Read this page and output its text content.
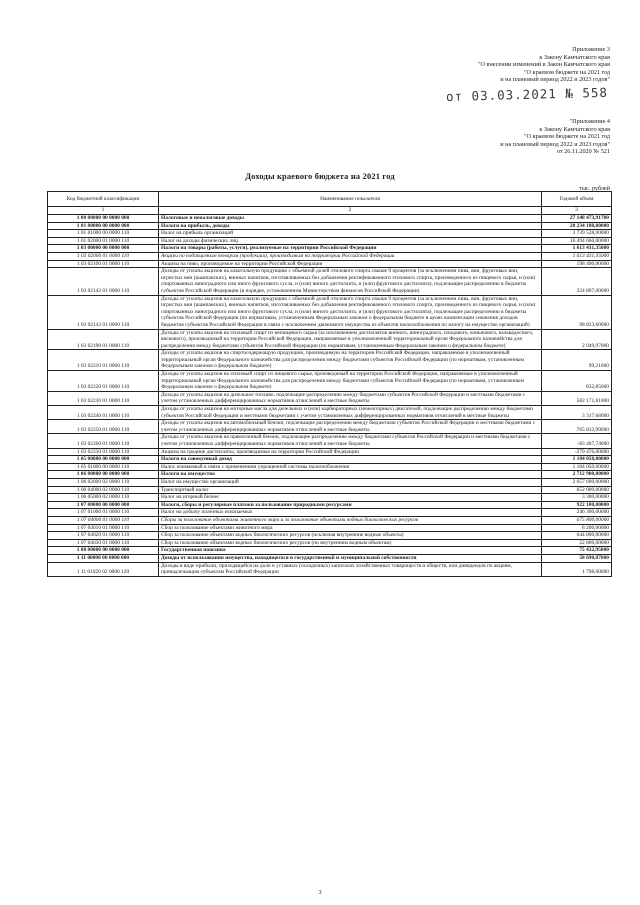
Приложение 3
к Закону Камчатского края
"О внесении изменений в Закон Камчатского края
"О краевом бюджете на 2021 год
и на плановый период 2022 и 2023 годов"
от 03.03.2021 № 558
"Приложение 4
к Закону Камчатского края
"О краевом бюджете на 2021 год
и на плановый период 2022 и 2023 годов"
от 26.11.2020 № 521
Доходы краевого бюджета на 2021 год
тыс. рублей
Код бюджетной классификации	Наименование показателя	Годовой объем
1	2	3
1 00 00000 00 0000 000	Налоговые и неналоговые доходы	27 148 473,91700
1 01 00000 00 0000 000	Налоги на прибыль, доходы	20 234 188,00000
1 01 01000 00 0000 110	Налог на прибыль организаций	3 739 528,00000
1 01 02000 01 0000 110	Налог на доходы физических лиц	16 494 660,00000
1 03 00000 00 0000 000	Налоги на товары (работы, услуги), реализуемые на территории Российской Федерации	1 613 431,35000
1 03 02000 01 0000 110	Акцизы по подакцизным товарам (продукции), производимым на территории Российской Федерации	1 613 431,35000
1 03 02100 01 0000 110	Акцизы на пиво, производимое на территории Российской Федерации	198 400,00000
1 03 02142 01 0000 110	Доходы от уплаты акцизов на алкогольную продукцию с объемной долей этилового спирта свыше 9 процентов (за исключением пива, вин, фруктовых вин, игристых вин (шампанских), винных напитков, изготавливаемых без добавления ректификованного этилового спирта, произведенного из пищевого сырья, и (или) спиртованных виноградного или иного фруктового сусла, и (или) виного дистиллята, и (или) фруктового дистиллята), подлежащие распределению в бюджеты субъектов Российской Федерации (в порядке, установленном Министерством финансов Российской Федерации)	324 807,00000
1 03 02143 01 0000 110	Доходы от уплаты акцизов на алкогольную продукцию с объемной долей этилового спирта свыше 9 процентов (за исключением пива, вин, фруктовых вин, игристых вин (шампанских), винных напитков, изготавливаемых без добавления ректификованного этилового спирта, произведенного из пищевого сырья, и (или) спиртованных виноградного или иного фруктового сусла, и (или) виного дистиллята, и (или) фруктового дистиллята), подлежащие распределению в бюджеты субъектов Российской Федерации (по нормативам, установленным Федеральным законом о федеральном бюджете в целях компенсации снижения доходов бюджетов субъектов Российской Федерации в связи с исключением движимого имущества из объектов налогообложения по налогу на имущество организаций)	98 823,60000
1 03 02190 01 0000 110	Доходы от уплаты акцизов на этиловый спирт из непищевого сырья (за исключением дистиллятов винного, виноградного, плодового, коньячного, кальвадосного, вискового), производимый на территории Российской Федерации, направляемые в уполномоченный территориальный орган Федерального казначейства для распределения между бюджетами субъектов Российской Федерации (по нормативам, установленным Федеральным законом о федеральном бюджете)	2 049,97000
1 03 02210 01 0000 110	Доходы от уплаты акцизов на спиртосодержащую продукцию, производимую на территории Российской Федерации, направляемые в уполномоченный территориальный орган Федерального казначейства для распределения между бюджетами субъектов Российской Федерации (по нормативам, установленным Федеральным законом о федеральном бюджете)	99,21000
1 03 02220 01 0000 110	Доходы от уплаты акцизов на этиловый спирт из пищевого сырья, производимый на территории Российской Федерации, направляемые в уполномоченный территориальный орган Федерального казначейства для распределения между бюджетами субъектов Российской Федерации (по нормативам, установленным Федеральным законом о федеральном бюджете)	832,85000
1 03 02230 01 0000 110	Доходы от уплаты акцизов на дизельное топливо, подлежащие распределению между бюджетами субъектов Российской Федерации и местными бюджетами с учетом установленных дифференцированных нормативов отчислений в местные бюджеты	582 171,81000
1 03 02240 01 0000 110	Доходы от уплаты акцизов на моторные масла для дизельных и (или) карбюраторных (инжекторных) двигателей, подлежащие распределению между бюджетами субъектов Российской Федерации и местными бюджетами с учетом установленных дифференцированных нормативов отчислений в местные бюджеты	3 317,68000
1 03 02250 01 0000 110	Доходы от уплаты акцизов на автомобильный бензин, подлежащие распределению между бюджетами субъектов Российской Федерации и местными бюджетами с учетом установленных дифференцированных нормативов отчислений в местные бюджеты	765 812,99000
1 03 02260 01 0000 110	Доходы от уплаты акцизов на прямогонный бензин, подлежащие распределению между бюджетами субъектов Российской Федерации и местными бюджетами с учетом установленных дифференцированных нормативов отчислений в местные бюджеты	-83 407,74000
1 03 02330 01 0000 110	Акцизы на средние дистилляты, производимые на территории Российской Федерации	-279 476,00000
1 05 00000 00 0000 000	Налоги на совокупный доход	1 184 050,00000
1 05 01000 00 0000 110	Налог, взимаемый в связи с применением упрощенной системы налогообложения	1 184 050,00000
1 06 00000 00 0000 000	Налоги на имущество	2 712 900,00000
1 06 02000 02 0000 110	Налог на имущество организаций	2 057 600,00000
1 06 04000 02 0000 110	Транспортный налог	652 000,00000
1 06 05000 02 0000 110	Налог на игорный бизнес	3 300,00000
1 07 00000 00 0000 000	Налоги, сборы и регулярные платежи за пользование природными ресурсами	922 100,00000
1 07 01000 01 0000 110	Налог на добычу полезных ископаемых	246 300,00000
1 07 04000 01 0000 110	Сборы за пользование объектами животного мира и за пользование объектами водных биологических ресурсов	675 800,00000
1 07 04010 01 0000 110	Сбор за пользование объектами животного мира	8 200,00000
1 07 04020 01 0000 110	Сбор за пользование объектами водных биологических ресурсов (исключая внутренние водные объекты)	644 800,00000
1 07 04030 01 0000 110	Сбор за пользование объектами водных биологических ресурсов (по внутренним водным объектам)	22 800,00000
1 08 00000 00 0000 000	Государственная пошлина	75 432,95000
1 11 00000 00 0000 000	Доходы от использования имущества, находящегося в государственной и муниципальной собственности	58 690,07000
1 11 01020 02 0000 120	Доходы в виде прибыли, приходящейся на доли в уставных (складочных) капиталах хозяйственных товариществ и обществ, или дивидендов по акциям, принадлежащим субъектам Российской Федерации	1 798,00000
3
